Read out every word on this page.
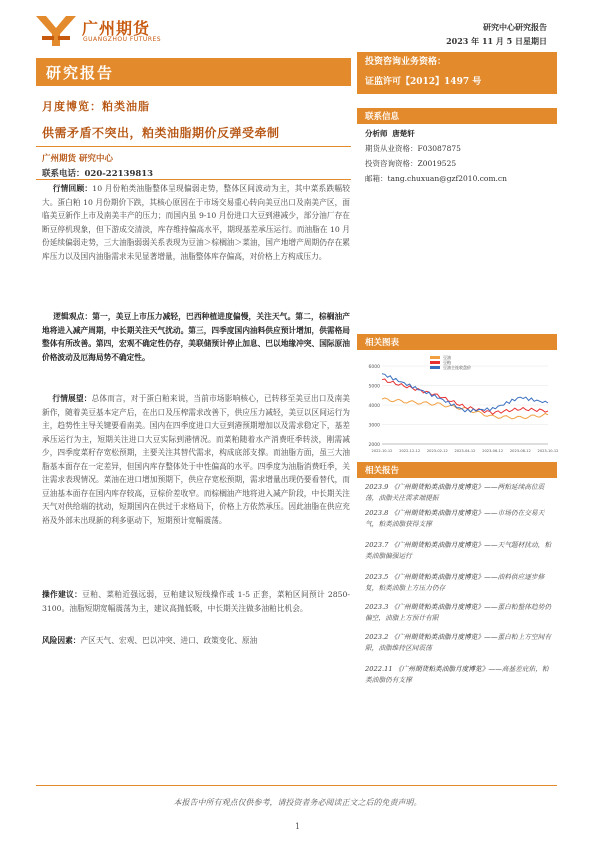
广州期货
GUANGZHOU FUTURES
研究中心研究报告
2023 年 11 月 5 日星期日
研究报告
投资咨询业务资格：
证监许可【2012】1497 号
月度博览：粕类油脂
供需矛盾不突出，粕类油脂期价反弹受牵制
广州期货 研究中心
联系电话：020-22139813
行情回顾：10 月份粕类油脂整体呈现偏弱走势，整体区间波动为主，其中菜系跌幅较大。蛋白粕 10 月份期价下跌，其核心原因在于市场交易重心转向美豆出口及南美产区，面临美豆新作上市及南美丰产的压力；而国内虽 9-10 月份进口大豆到港减少，部分油厂存在断豆停机现象，但下游成交清淡，库存维持偏高水平，期现基差承压运行。而油脂在 10 月份延续偏弱走势，三大油脂弱弱关系表现为豆油＞棕榈油＞菜油，国产地增产周期仍存在累库压力以及国内油脂需求未见显著增量，油脂整体库存偏高，对价格上方构成压力。
逻辑观点：第一，美豆上市压力减轻，巴西种植进度偏慢，关注天气。第二，棕榈油产地将进入减产周期，中长期关注天气扰动。第三，四季度国内油料供应预计增加，供需格局整体有所改善。第四，宏观不确定性仍存，美联储预计停止加息、巴以地缘冲突、国际原油价格波动及厄海局势不确定性。
行情展望：总体而言，对于蛋白粕来说，当前市场影响核心，已转移至美豆出口及南美新作，随着美豆基本定产后，在出口及压榨需求改善下，供应压力减轻，美豆以区间运行为主，趋势性主导关键要看南美。国内在四季度进口大豆到港预期增加以及需求稳定下，基差承压运行为主，短期关注进口大豆实际到港情况。而菜粕随着水产消费旺季转淡，刚需减少，四季度菜籽存宽松预期，主要关注其替代需求，构成底部支撑。而油脂方面，虽三大油脂基本面存在一定差异，但国内库存整体处于中性偏高的水平。四季度为油脂消费旺季，关注需求表现情况。菜油在进口增加预期下，供应存宽松预期，需求增量出现仍要看替代，而豆油基本面存在国内库存较高，豆棕价差收窄。而棕榈油产地将进入减产阶段，中长期关注天气对供给端的扰动，短期国内在供过于求格局下，价格上方依然承压。因此油脂在供应充裕及外部未出现新的利多驱动下，短期预计宽幅震荡。
操作建议：豆粕、菜粕近强远弱，豆粕建议短线操作或 1-5 正套，菜粕区间预计 2850-3100。油脂短期宽幅震荡为主，建议高抛低吸，中长期关注做多油粕比机会。
风险因素：产区天气、宏观、巴以冲突、进口、政策变化、原油
联系信息
分析师 唐楚轩
期货从业资格：F03087875
投资咨询资格：Z0019525
邮箱：tang.chuxuan@gzf2010.com.cn
相关图表
2000
3000
4000
5000
6000
2022-10-12 2022-12-12 2023-02-12 2023-04-12 2023-06-12 2023-08-12 2023-10-12
豆油
豆粕
豆油主连收盘价
相关报告
2023.9 《广州期货粕类油脂月度博览》——两粕延续高位震荡，油脂关注需求端提振
2023.8 《广州期货粕类油脂月度博览》——市场仍在交易天气，粕类油脂获得支撑
2023.7 《广州期货粕类油脂月度博览》——天气题材扰动，粕类油脂偏强运行
2023.5 《广州期货粕类油脂月度博览》——油料供应逐步修复，粕类油脂上方压力仍存
2023.3 《广州期货粕类油脂月度博览》——蛋白粕整体趋势仍偏空，油脂上方预计有限
2023.2 《广州期货粕类油脂月度博览》——蛋白粕上方空间有限，油脂维持区间震荡
2022.11 《广州期货粕类油脂月度博览》——高基差庇佑，粕类油脂仍有支撑
本报告中所有观点仅供参考，请投资者务必阅读正文之后的免责声明。
1
